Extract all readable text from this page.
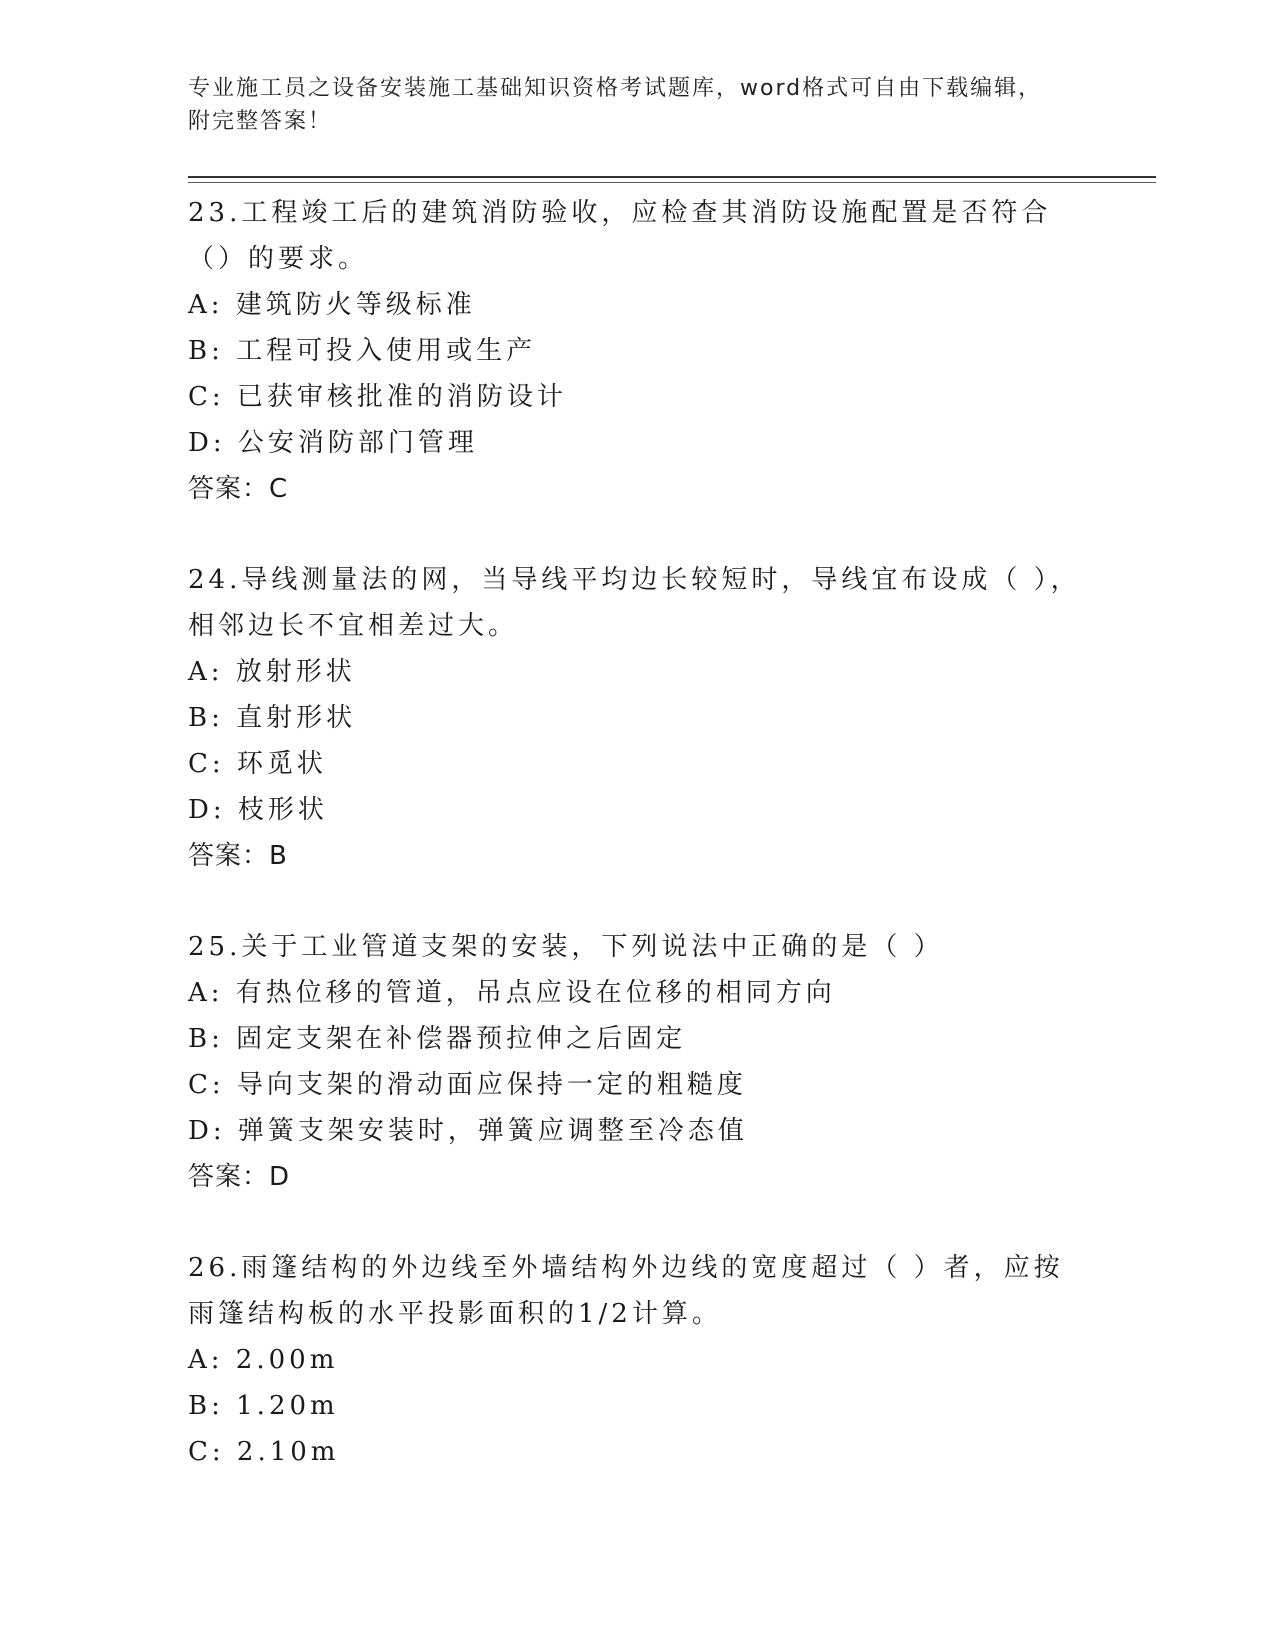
专业施工员之设备安装施工基础知识资格考试题库，word格式可自由下载编辑，
附完整答案！

23.工程竣工后的建筑消防验收，应检查其消防设施配置是否符合（）的要求。

A: 建筑防火等级标准

B: 工程可投入使用或生产

C: 已获审核批准的消防设计

D: 公安消防部门管理

答案：C

24.导线测量法的网，当导线平均边长较短时，导线宜布设成（ ），相邻边长不宜相差过大。

A: 放射形状

B: 直射形状

C: 环觅状

D: 枝形状

答案：B

25.关于工业管道支架的安装，下列说法中正确的是（ ）

A: 有热位移的管道，吊点应设在位移的相同方向

B: 固定支架在补偿器预拉伸之后固定

C: 导向支架的滑动面应保持一定的粗糙度

D: 弹簧支架安装时，弹簧应调整至冷态值

答案：D

26.雨篷结构的外边线至外墙结构外边线的宽度超过（ ）者，应按雨篷结构板的水平投影面积的1/2计算。

A: 2.00m

B: 1.20m

C: 2.10m
